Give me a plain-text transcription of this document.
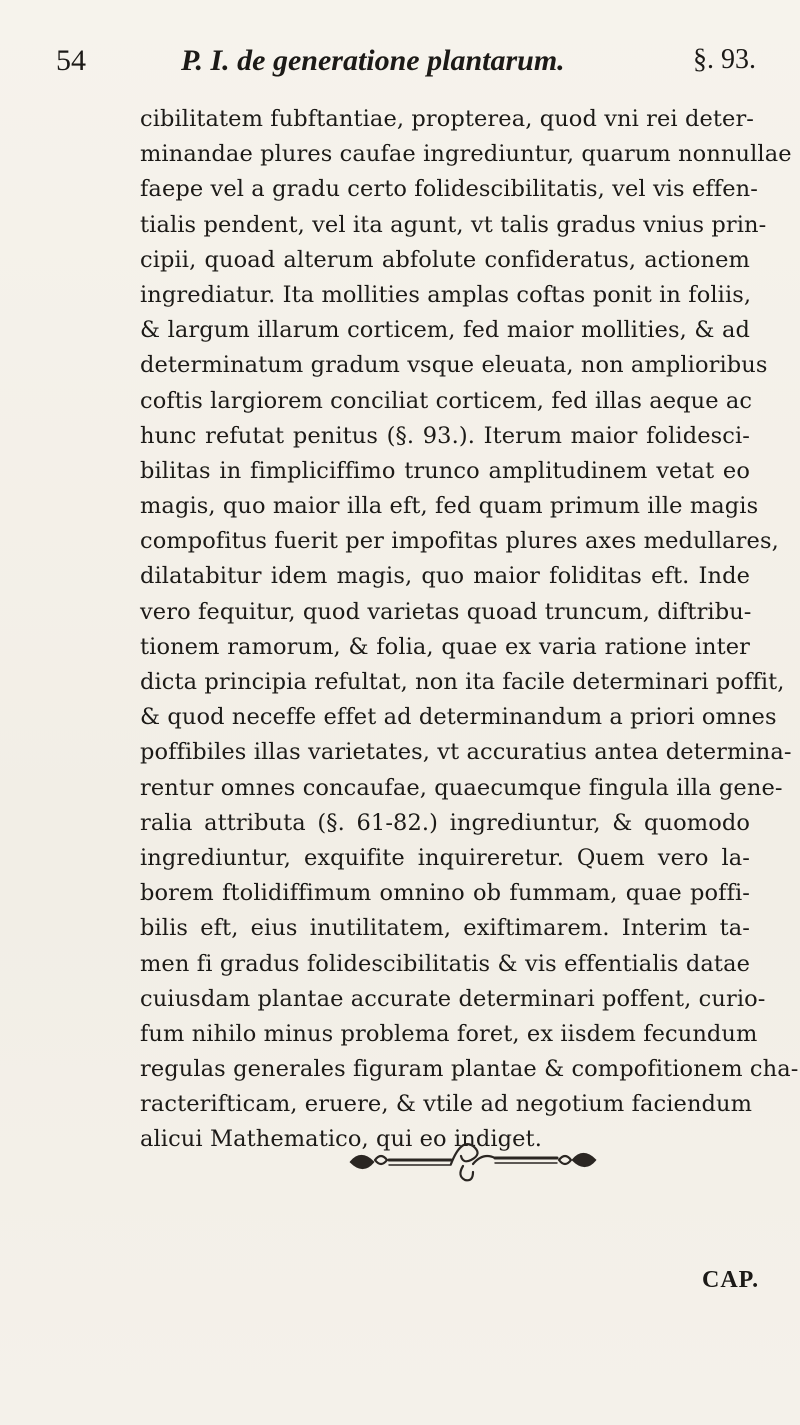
54	P. I. de generatione plantarum.	§. 93.
cibilitatem fubftantiae, propterea, quod vni rei deter-
minandae plures caufae ingrediuntur, quarum nonnullae
faepe vel a gradu certo folidescibilitatis, vel vis effen-
tialis pendent, vel ita agunt, vt talis gradus vnius prin-
cipii, quoad alterum abfolute confideratus, actionem
ingrediatur. Ita mollities amplas coftas ponit in foliis,
& largum illarum corticem, fed maior mollities, & ad
determinatum gradum vsque eleuata, non amplioribus
coftis largiorem conciliat corticem, fed illas aeque ac
hunc refutat penitus (§. 93.). Iterum maior folidesci-
bilitas in fimpliciffimo trunco amplitudinem vetat eo
magis, quo maior illa eft, fed quam primum ille magis
compofitus fuerit per impofitas plures axes medullares,
dilatabitur idem magis, quo maior foliditas eft. Inde
vero fequitur, quod varietas quoad truncum, diftribu-
tionem ramorum, & folia, quae ex varia ratione inter
dicta principia refultat, non ita facile determinari poffit,
& quod neceffe effet ad determinandum a priori omnes
poffibiles illas varietates, vt accuratius antea determina-
rentur omnes concaufae, quaecumque fingula illa gene-
ralia attributa (§. 61-82.) ingrediuntur, & quomodo
ingrediuntur, exquifite inquireretur. Quem vero la-
borem ftolidiffimum omnino ob fummam, quae poffi-
bilis eft, eius inutilitatem, exiftimarem. Interim ta-
men fi gradus folidescibilitatis & vis effentialis datae
cuiusdam plantae accurate determinari poffent, curio-
fum nihilo minus problema foret, ex iisdem fecundum
regulas generales figuram plantae & compofitionem cha-
racterifticam, eruere, & vtile ad negotium faciendum
alicui Mathematico, qui eo indiget.
CAP.
